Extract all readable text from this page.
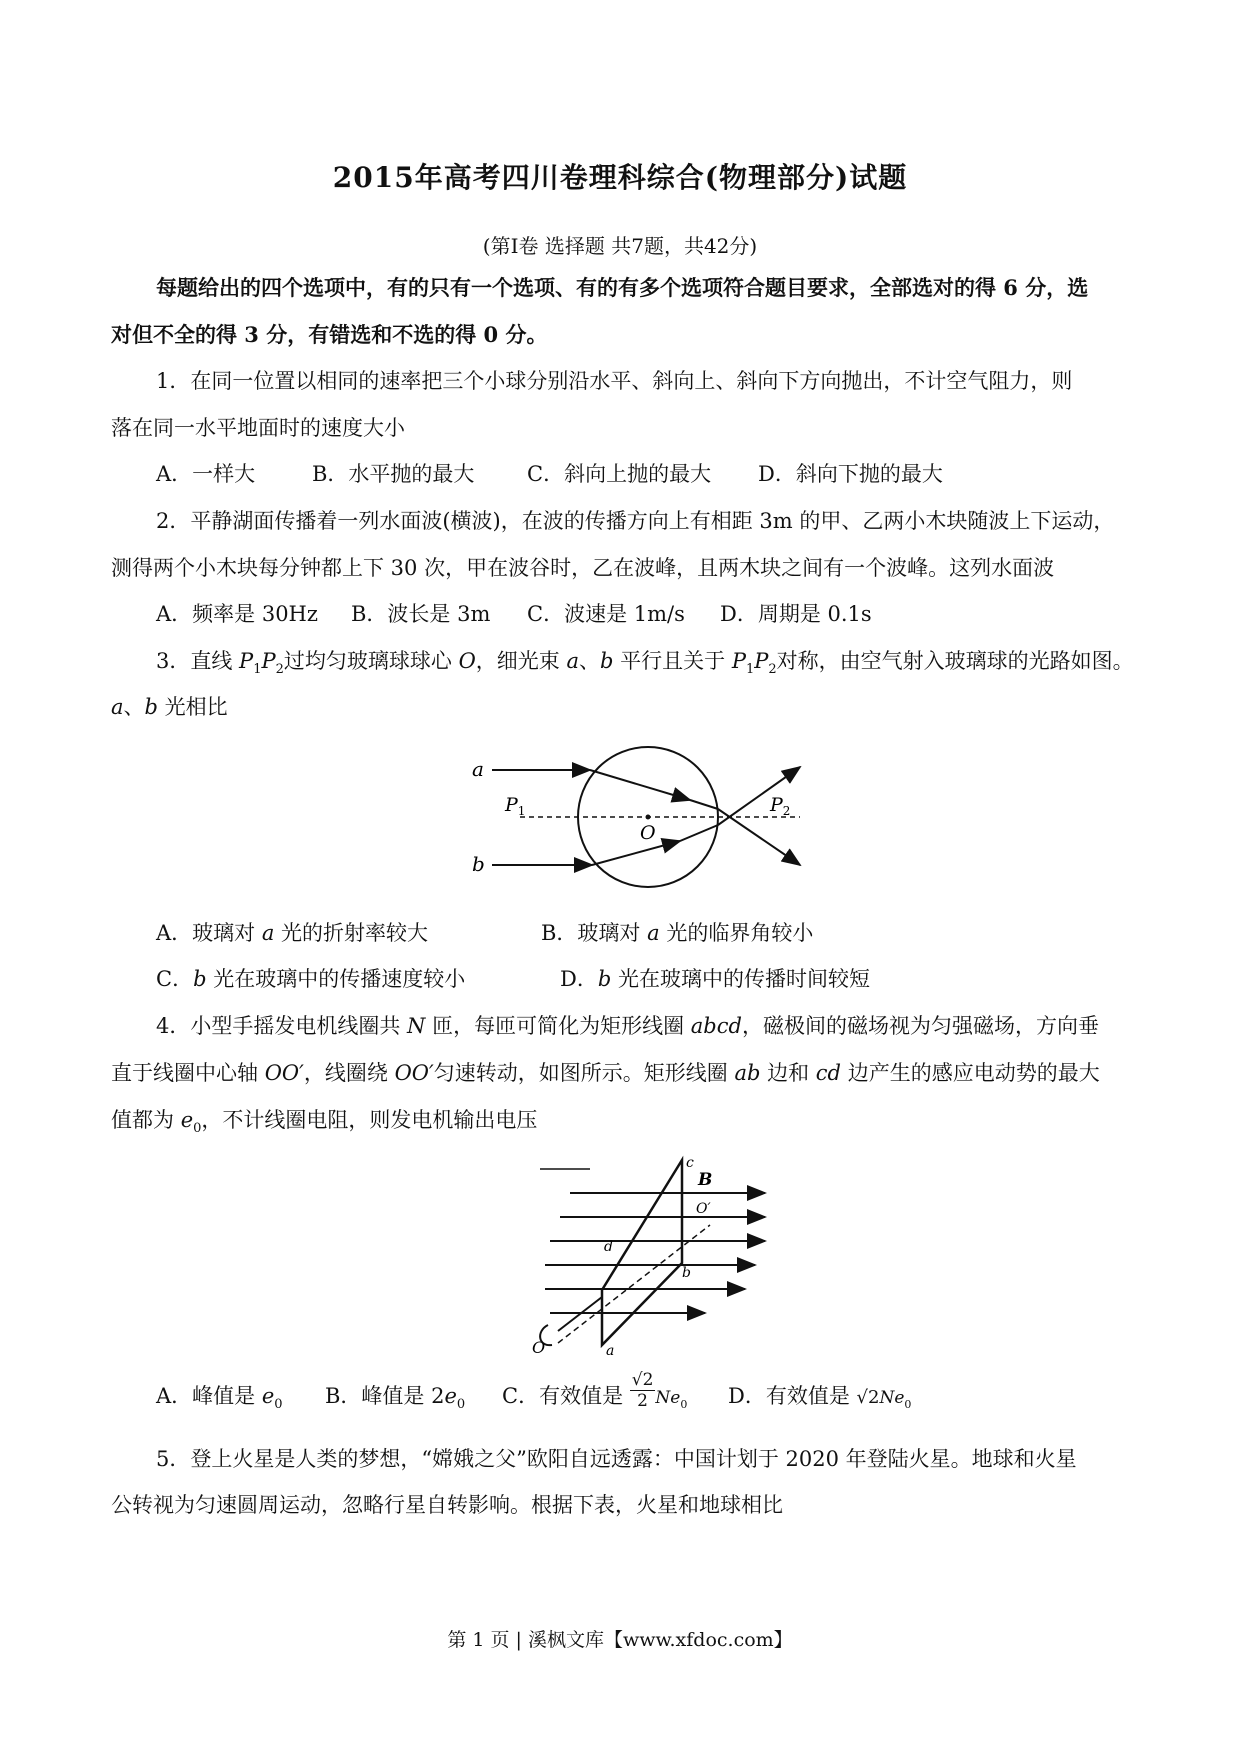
2015年高考四川卷理科综合(物理部分)试题
(第Ⅰ卷 选择题 共7题，共42分)
每题给出的四个选项中，有的只有一个选项、有的有多个选项符合题目要求，全部选对的得 6 分，选
对但不全的得 3 分，有错选和不选的得 0 分。
1．在同一位置以相同的速率把三个小球分别沿水平、斜向上、斜向下方向抛出，不计空气阻力，则
落在同一水平地面时的速度大小
A．一样大	B．水平抛的最大	C．斜向上抛的最大 D．斜向下抛的最大
2．平静湖面传播着一列水面波(横波)，在波的传播方向上有相距 3m 的甲、乙两小木块随波上下运动，
测得两个小木块每分钟都上下 30 次，甲在波谷时，乙在波峰，且两木块之间有一个波峰。这列水面波
A．频率是 30Hz B．波长是 3m C．波速是 1m/s D．周期是 0.1s
3．直线 $P_1P_2$过均匀玻璃球球心 O，细光束 a、b 平行且关于 $P_1P_2$对称，由空气射入玻璃球的光路如图。
a、b 光相比
a
b
$P_1$	$P_2$
O
A．玻璃对 a 光的折射率较大	B．玻璃对 a 光的临界角较小
C．b 光在玻璃中的传播速度较小	D．b 光在玻璃中的传播时间较短
4．小型手摇发电机线圈共 N 匝，每匝可简化为矩形线圈 abcd，磁极间的磁场视为匀强磁场，方向垂
直于线圈中心轴 OO′，线圈绕 OO′匀速转动，如图所示。矩形线圈 ab 边和 cd 边产生的感应电动势的最大
值都为 $e_0$，不计线圈电阻，则发电机输出电压
B
c
d
b
a
O
O′
A．峰值是 $e_0$ B．峰值是 $2e_0$ C．有效值是 $\frac{√2}{2} Ne_0$ D．有效值是 $√2Ne_0$
5．登上火星是人类的梦想，“嫦娥之父”欧阳自远透露：中国计划于 2020 年登陆火星。地球和火星
公转视为匀速圆周运动，忽略行星自转影响。根据下表，火星和地球相比
第 1 页 | 溪枫文库【www.xfdoc.com】
